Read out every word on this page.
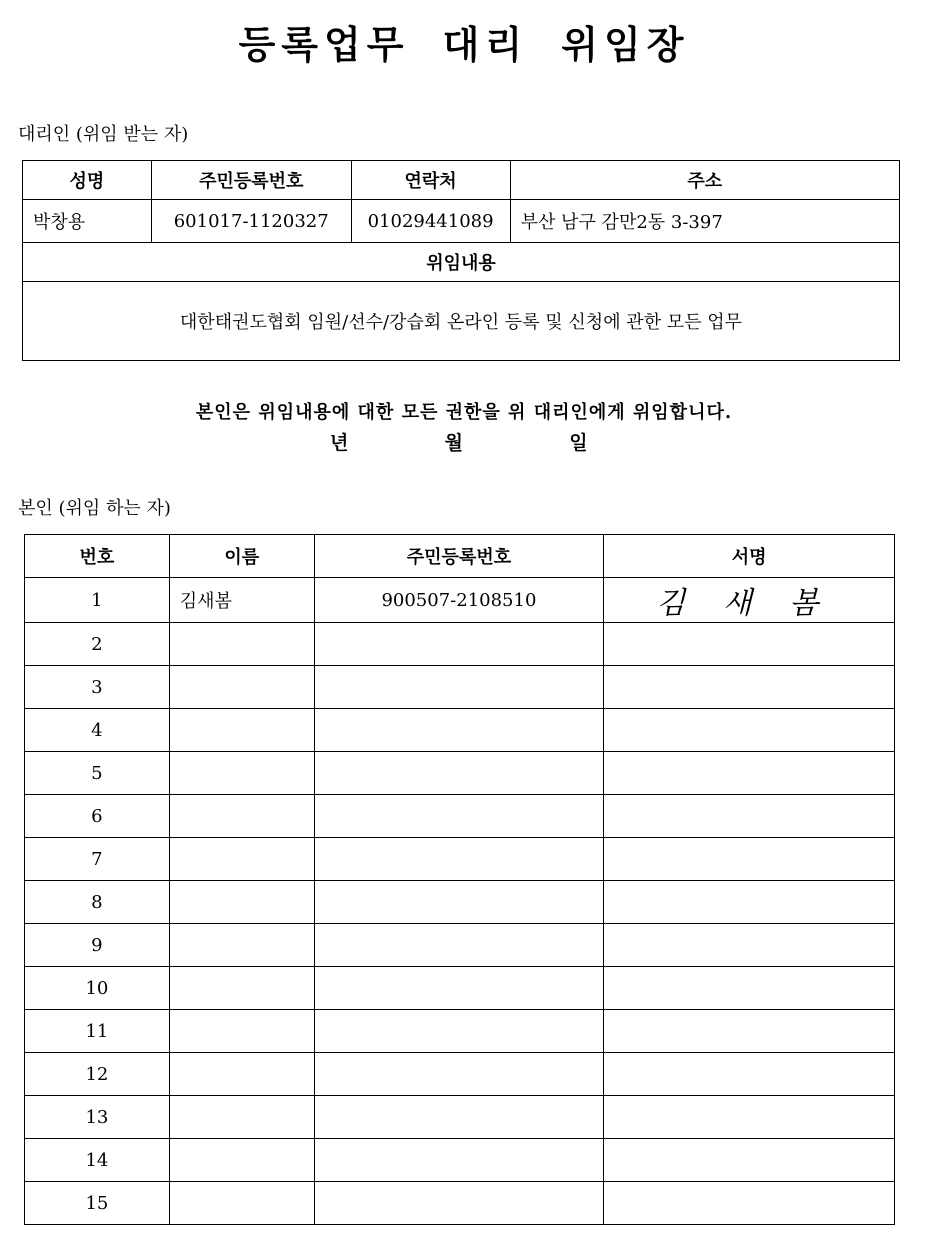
등록업무 대리 위임장
대리인 (위임 받는 자)
성명	주민등록번호	연락처	주소
박창용	601017-1120327	01029441089	부산 남구 감만2동 3-397
위임내용			
대한태권도협회 임원/선수/강습회 온라인 등록 및 신청에 관한 모든 업무			
본인은 위임내용에 대한 모든 권한을 위 대리인에게 위임합니다.
년	월	일
본인 (위임 하는 자)
번호	이름	주민등록번호	서명
1	김새봄	900507-2108510	김 새 봄
2			
3			
4			
5			
6			
7			
8			
9			
10			
11			
12			
13			
14			
15			
